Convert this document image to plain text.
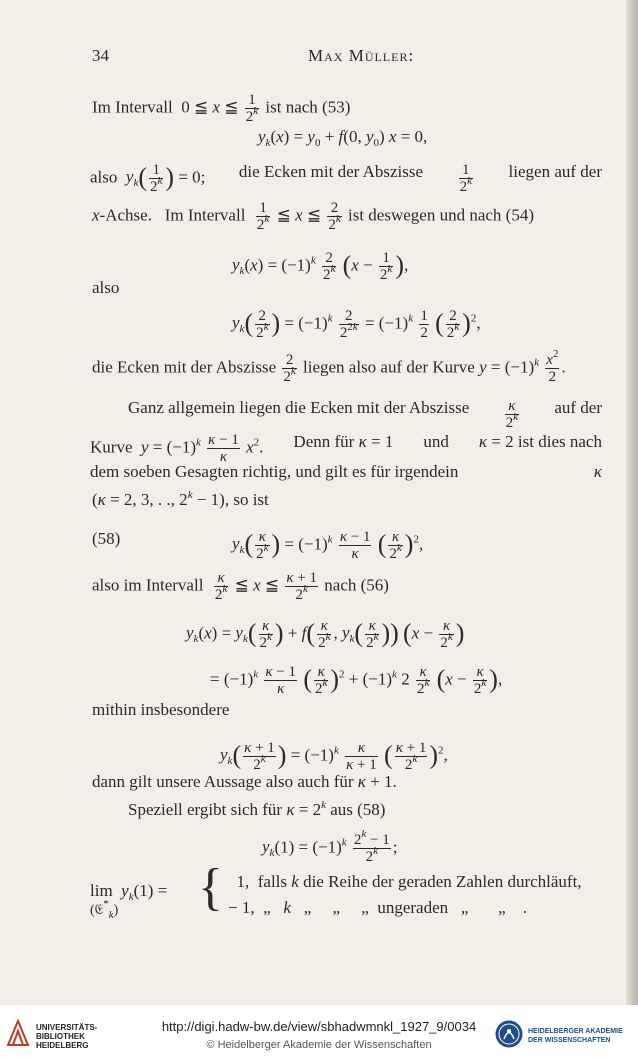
34	Max Müller:
Im Intervall  0 ≦ x ≦ $\frac{1}{2^k}$ ist nach (53)
$y_k(x) = y_0 + f(0$, $y_0$) x = 0,
also  $y_k( \frac{1}{2^k}$ ) = 0; die Ecken mit der Abszisse	1
2$^k$ liegen auf der
x-Achse. Im Intervall $\frac{1}{2^k}$ ≦ x ≦ $\frac{2}{2^k}$ ist deswegen und nach (54)
$y_k(x) = (-1)^k \frac{2}{2^k} (x - \frac{1}{2^k}$ ),
also
$y_k( \frac{2}{2^k}$ ) = $(-1)^k \frac{2}{2^{2k}} = (-1)^k \frac{1}{2}$ ( $\frac{2}{2^k} )^2$,
die Ecken mit der Abszisse $\frac{2}{2^k}$ liegen also auf der Kurve $y = (-1)^k \frac{x^2}{2}$ .
Ganz allgemein liegen die Ecken mit der Abszisse	κ
2$^k$ auf der
Kurve $y = (-1)^k \frac{\kappa - 1}{\kappa} x^2$. Denn für κ = 1 und κ = 2 ist dies nach
dem soeben Gesagten richtig, und gilt es für irgendein	κ
(κ = 2, 3, . ., $2^k - 1$), so ist
(58)	$y_k( \frac{\kappa}{2^k}$ ) = $(-1)^k \frac{\kappa - 1}{\kappa}$ ( $\frac{\kappa}{2^k} )^2$,
also im Intervall $\frac{\kappa}{2^k}$ ≦ x ≦ $\frac{\kappa + 1}{2^k}$ nach (56)
$y_k(x) = y_k( \frac{\kappa}{2^k}$ ) + $f( \frac{\kappa}{2^k}$ , $y_k( \frac{\kappa}{2^k}$ )) ($x - \frac{\kappa}{2^k}$ )
= $(-1)^k \frac{\kappa - 1}{\kappa}$ ( $\frac{\kappa}{2^k} )^2 + (-1)^k$ $2 \frac{\kappa}{2^k} (x - \frac{\kappa}{2^k}$ ),
mithin insbesondere
$y_k( \frac{\kappa + 1}{2^k}$ ) = $(-1)^k \frac{\kappa}{\kappa + 1}$ ( $\frac{\kappa + 1}{2^k} )^2$,
dann gilt unsere Aussage also auch für κ + 1.
Speziell ergibt sich für $\kappa = 2^k$ aus (58)
$y_k(1) = (-1)^k \frac{2^k - 1}{2^k}$ ;
$\lim y_k(1)$ =
(𝔈*$_k$)	{ 1,  falls k die Reihe der geraden Zahlen durchläuft,
− 1,  „   k   „     „     „  ungeraden   „       „    .
UNIVERSITÄTS-
BIBLIOTHEK
HEIDELBERG
http://digi.hadw-bw.de/view/sbhadwmnkl_1927_9/0034
© Heidelberger Akademie der Wissenschaften
HEIDELBERGER AKADEMIE
DER WISSENSCHAFTEN
